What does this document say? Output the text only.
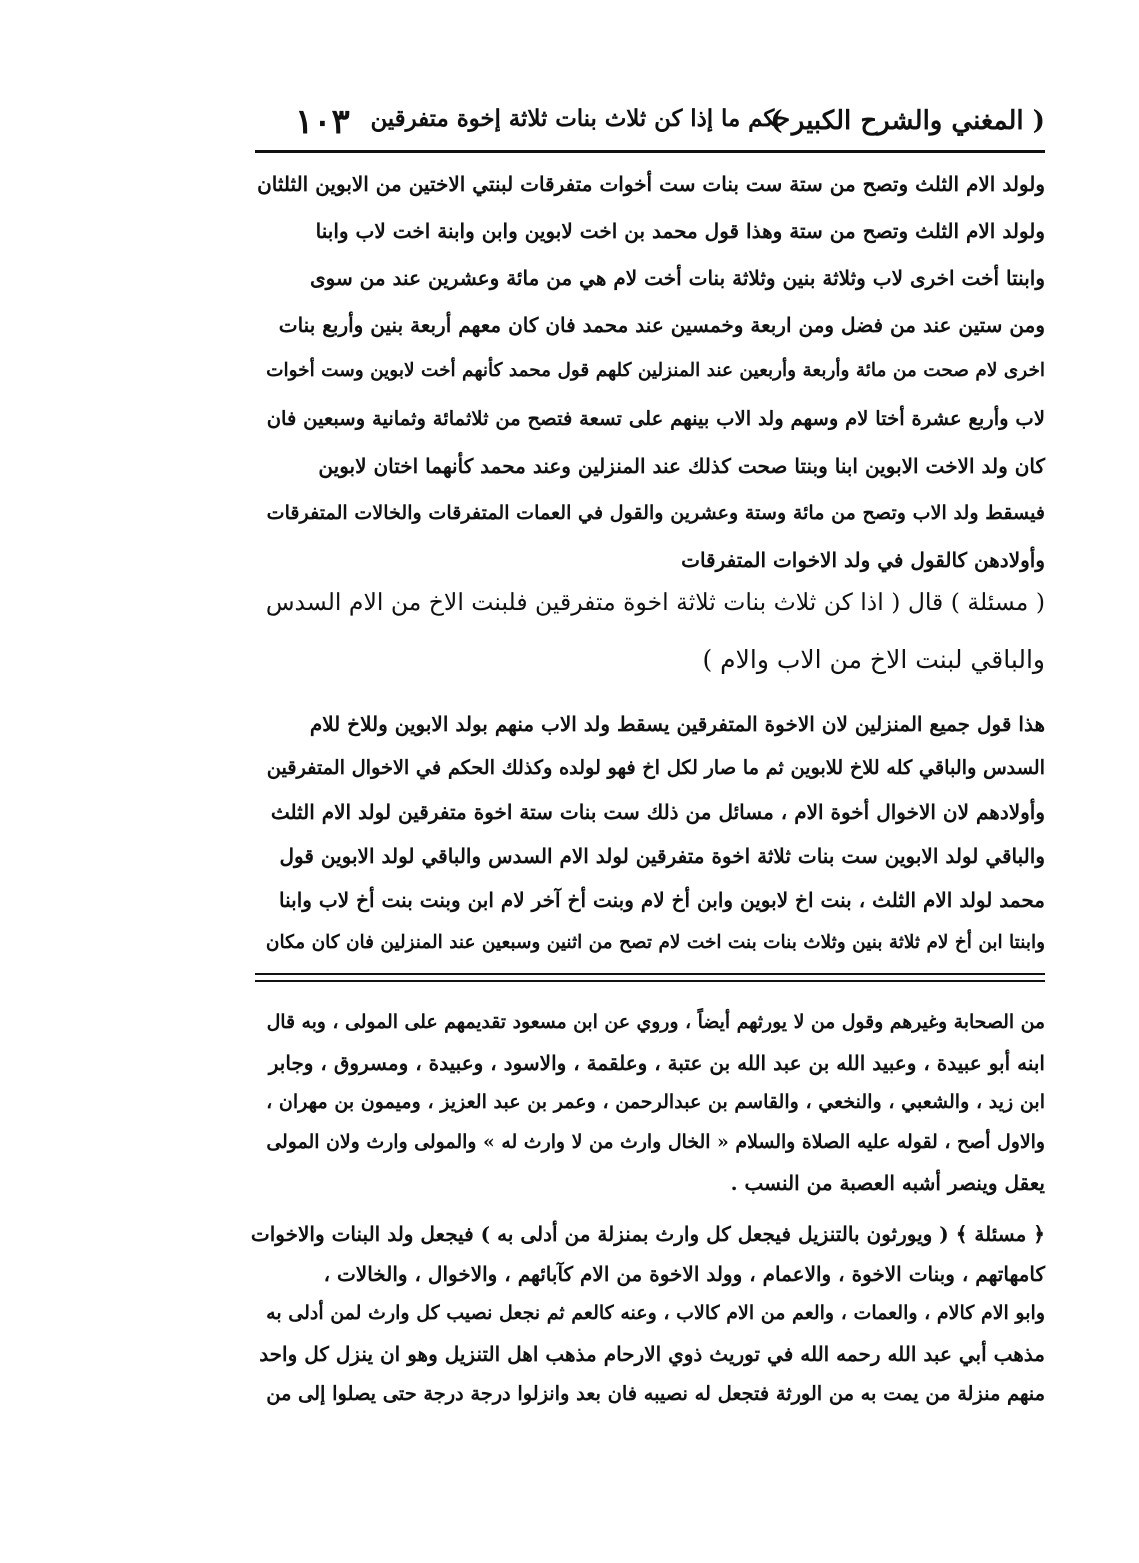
( المغني والشرح الكبير )
حكم ما إذا كن ثلاث بنات ثلاثة إخوة متفرقين
١٠٣
ولولد الام الثلث وتصح من ستة ست بنات ست أخوات متفرقات لبنتي الاختين من الابوين الثلثان
ولولد الام الثلث وتصح من ستة وهذا قول محمد بن اخت لابوين وابن وابنة اخت لاب وابنا
وابنتا أخت اخرى لاب وثلاثة بنين وثلاثة بنات أخت لام هي من مائة وعشرين عند من سوى
ومن ستين عند من فضل ومن اربعة وخمسين عند محمد فان كان معهم أربعة بنين وأربع بنات
اخرى لام صحت من مائة وأربعة وأربعين عند المنزلين كلهم قول محمد كأنهم أخت لابوين وست أخوات
لاب وأربع عشرة أختا لام وسهم ولد الاب بينهم على تسعة فتصح من ثلاثمائة وثمانية وسبعين فان
كان ولد الاخت الابوين ابنا وبنتا صحت كذلك عند المنزلين وعند محمد كأنهما اختان لابوين
فيسقط ولد الاب وتصح من مائة وستة وعشرين والقول في العمات المتفرقات والخالات المتفرقات
وأولادهن كالقول في ولد الاخوات المتفرقات
( مسئلة ) قال ( اذا كن ثلاث بنات ثلاثة اخوة متفرقين فلبنت الاخ من الام السدس
والباقي لبنت الاخ من الاب والام )
هذا قول جميع المنزلين لان الاخوة المتفرقين يسقط ولد الاب منهم بولد الابوين وللاخ للام
السدس والباقي كله للاخ للابوين ثم ما صار لكل اخ فهو لولده وكذلك الحكم في الاخوال المتفرقين
وأولادهم لان الاخوال أخوة الام ، مسائل من ذلك ست بنات ستة اخوة متفرقين لولد الام الثلث
والباقي لولد الابوين ست بنات ثلاثة اخوة متفرقين لولد الام السدس والباقي لولد الابوين قول
محمد لولد الام الثلث ، بنت اخ لابوين وابن أخ لام وبنت أخ آخر لام ابن وبنت بنت أخ لاب وابنا
وابنتا ابن أخ لام ثلاثة بنين وثلاث بنات بنت اخت لام تصح من اثنين وسبعين عند المنزلين فان كان مكان
من الصحابة وغيرهم وقول من لا يورثهم أيضاً ، وروي عن ابن مسعود تقديمهم على المولى ، وبه قال
ابنه أبو عبيدة ، وعبيد الله بن عبد الله بن عتبة ، وعلقمة ، والاسود ، وعبيدة ، ومسروق ، وجابر
ابن زيد ، والشعبي ، والنخعي ، والقاسم بن عبدالرحمن ، وعمر بن عبد العزيز ، وميمون بن مهران ،
والاول أصح ، لقوله عليه الصلاة والسلام « الخال وارث من لا وارث له » والمولى وارث ولان المولى
يعقل وينصر أشبه العصبة من النسب .
﴿ مسئلة ﴾ ( ويورثون بالتنزيل فيجعل كل وارث بمنزلة من أدلى به ) فيجعل ولد البنات والاخوات
كامهاتهم ، وبنات الاخوة ، والاعمام ، وولد الاخوة من الام كآبائهم ، والاخوال ، والخالات ،
وابو الام كالام ، والعمات ، والعم من الام كالاب ، وعنه كالعم ثم نجعل نصيب كل وارث لمن أدلى به
مذهب أبي عبد الله رحمه الله في توريث ذوي الارحام مذهب اهل التنزيل وهو ان ينزل كل واحد
منهم منزلة من يمت به من الورثة فتجعل له نصيبه فان بعد وانزلوا درجة درجة حتى يصلوا إلى من
